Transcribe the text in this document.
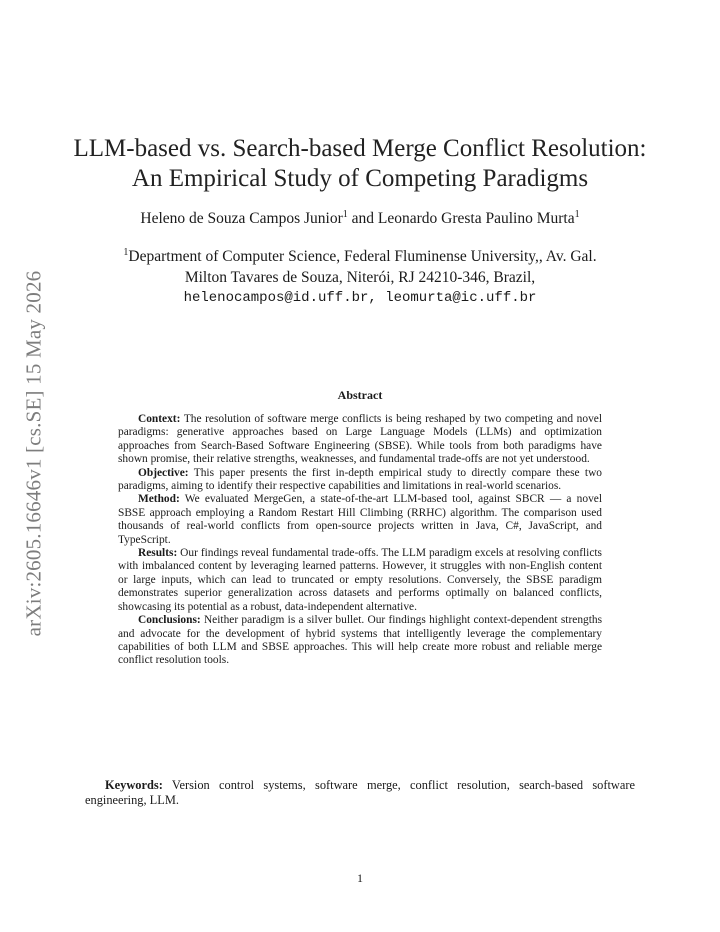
arXiv:2605.16646v1 [cs.SE] 15 May 2026
LLM-based vs. Search-based Merge Conflict Resolution:
An Empirical Study of Competing Paradigms
Heleno de Souza Campos Junior$^1$ and Leonardo Gresta Paulino Murta$^1$
$^1$Department of Computer Science, Federal Fluminense University,, Av. Gal.
Milton Tavares de Souza, Niterói, RJ 24210-346, Brazil,
helenocampos@id.uff.br, leomurta@ic.uff.br
Abstract

Context: The resolution of software merge conflicts is being reshaped by two competing and novel paradigms: generative approaches based on Large Language Models (LLMs) and optimization approaches from Search-Based Software Engineering (SBSE). While tools from both paradigms have shown promise, their relative strengths, weaknesses, and fundamental trade-offs are not yet understood.

Objective: This paper presents the first in-depth empirical study to directly compare these two paradigms, aiming to identify their respective capabilities and limitations in real-world scenarios.

Method: We evaluated MergeGen, a state-of-the-art LLM-based tool, against SBCR — a novel SBSE approach employing a Random Restart Hill Climbing (RRHC) algorithm. The comparison used thousands of real-world conflicts from open-source projects written in Java, C#, JavaScript, and TypeScript.

Results: Our findings reveal fundamental trade-offs. The LLM paradigm excels at resolving conflicts with imbalanced content by leveraging learned patterns. However, it struggles with non-English content or large inputs, which can lead to truncated or empty resolutions. Conversely, the SBSE paradigm demonstrates superior generalization across datasets and performs optimally on balanced conflicts, showcasing its potential as a robust, data-independent alternative.

Conclusions: Neither paradigm is a silver bullet. Our findings highlight context-dependent strengths and advocate for the development of hybrid systems that intelligently leverage the complementary capabilities of both LLM and SBSE approaches. This will help create more robust and reliable merge conflict resolution tools.

Keywords: Version control systems, software merge, conflict resolution, search-based software engineering, LLM.
1
